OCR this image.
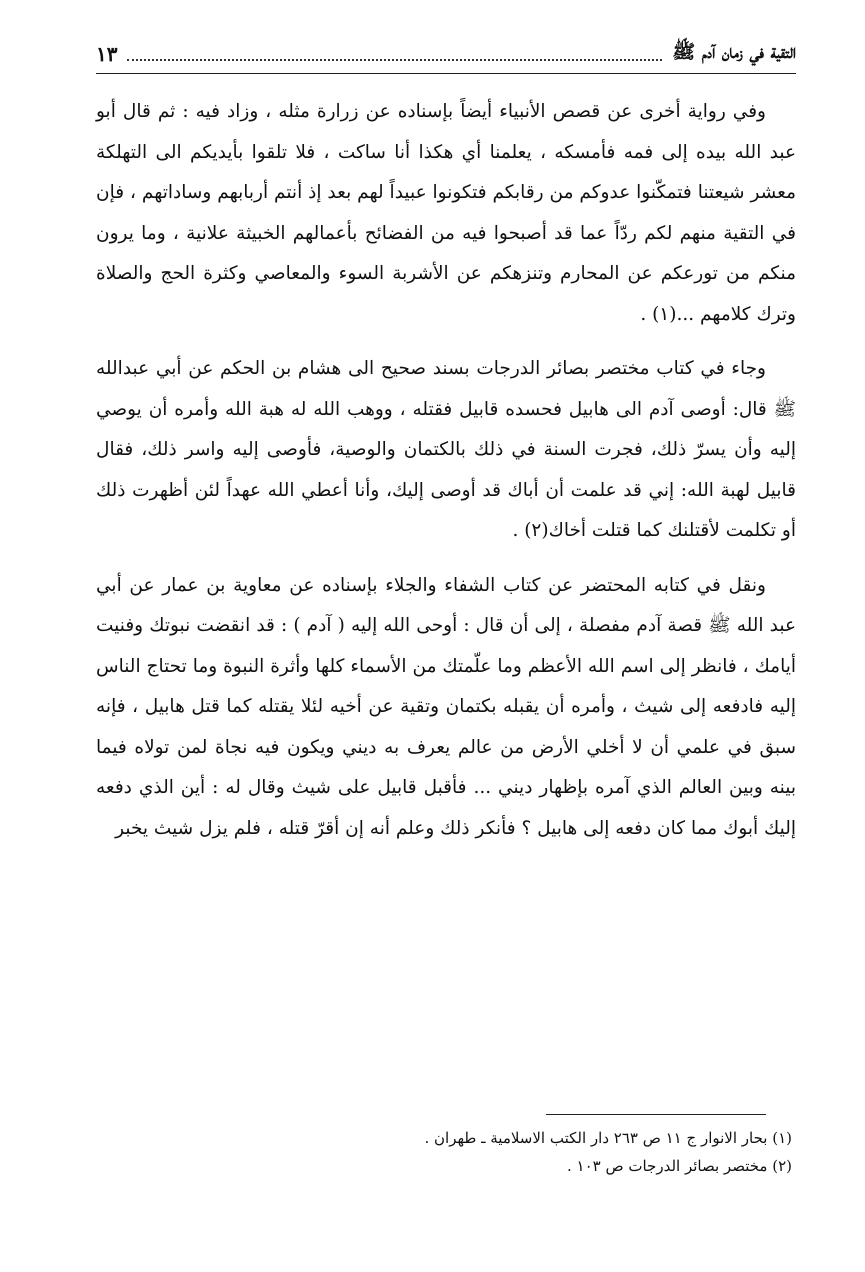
التقية في زمان آدم ﷺ
١٣

وفي رواية أخرى عن قصص الأنبياء أيضاً بإسناده عن زرارة مثله ، وزاد فيه : ثم قال أبو عبد الله بيده إلى فمه فأمسكه ، يعلمنا أي هكذا أنا ساكت ، فلا تلقوا بأيديكم الى التهلكة معشر شيعتنا فتمكّنوا عدوكم من رقابكم فتكونوا عبيداً لهم بعد إذ أنتم أربابهم وساداتهم ، فإن في التقية منهم لكم ردّاً عما قد أصبحوا فيه من الفضائح بأعمالهم الخبيثة علانية ، وما يرون منكم من تورعكم عن المحارم وتنزهكم عن الأشربة السوء والمعاصي وكثرة الحج والصلاة وترك كلامهم ...(١) .

وجاء في كتاب مختصر بصائر الدرجات بسند صحيح الى هشام بن الحكم عن أبي عبدالله ﷺ قال: أوصى آدم الى هابيل فحسده قابيل فقتله ، ووهب الله له هبة الله وأمره أن يوصي إليه وأن يسرّ ذلك، فجرت السنة في ذلك بالكتمان والوصية، فأوصى إليه واسر ذلك، فقال قابيل لهبة الله: إني قد علمت أن أباك قد أوصى إليك، وأنا أعطي الله عهداً لئن أظهرت ذلك أو تكلمت لأقتلنك كما قتلت أخاك(٢) .

ونقل في كتابه المحتضر عن كتاب الشفاء والجلاء بإسناده عن معاوية بن عمار عن أبي عبد الله ﷺ قصة آدم مفصلة ، إلى أن قال : أوحى الله إليه ( آدم ) : قد انقضت نبوتك وفنيت أيامك ، فانظر إلى اسم الله الأعظم وما علّمتك من الأسماء كلها وأثرة النبوة وما تحتاج الناس إليه فادفعه إلى شيث ، وأمره أن يقبله بكتمان وتقية عن أخيه لئلا يقتله كما قتل هابيل ، فإنه سبق في علمي أن لا أخلي الأرض من عالم يعرف به ديني ويكون فيه نجاة لمن تولاه فيما بينه وبين العالم الذي آمره بإظهار ديني ... فأقبل قابيل على شيث وقال له : أين الذي دفعه إليك أبوك مما كان دفعه إلى هابيل ؟ فأنكر ذلك وعلم أنه إن أقرّ قتله ، فلم يزل شيث يخبر

(١) بحار الانوار ج ١١ ص ٢٦٣ دار الكتب الاسلامية ـ طهران .
(٢) مختصر بصائر الدرجات ص ١٠٣ .
